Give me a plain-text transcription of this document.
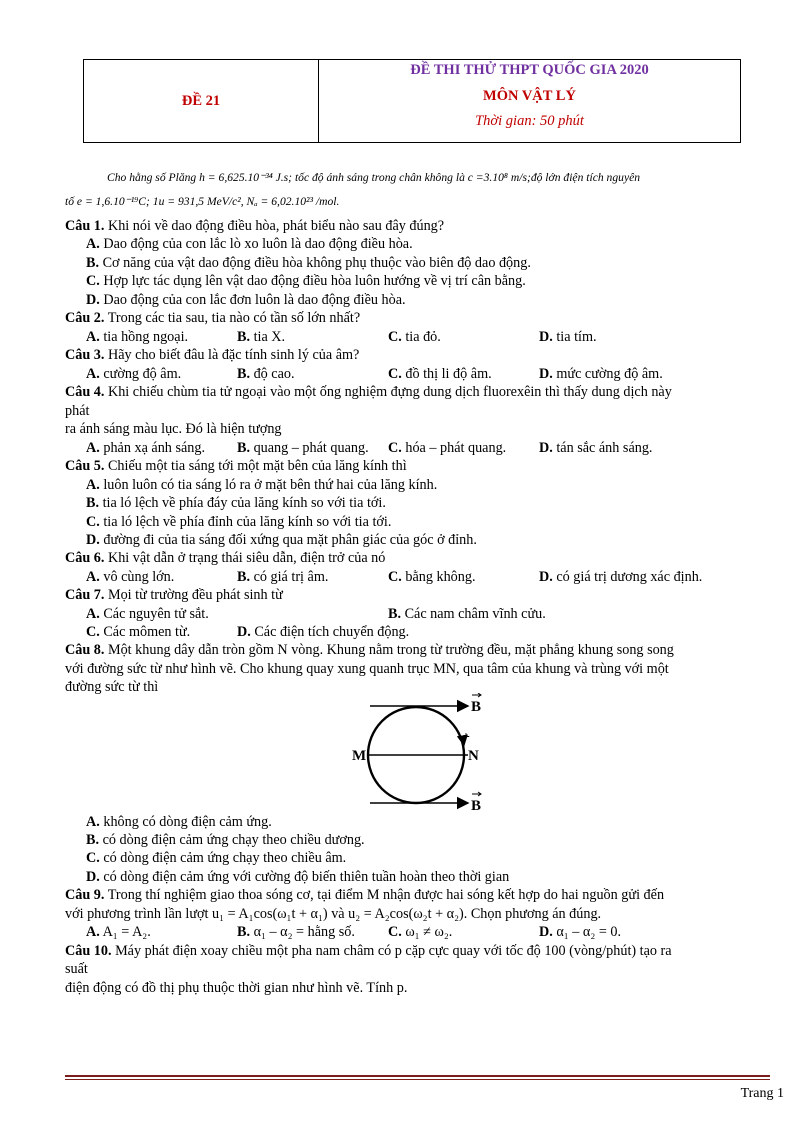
ĐỀ 21
ĐỀ THI THỬ THPT QUỐC GIA 2020
MÔN VẬT LÝ
Thời gian: 50 phút
Cho hằng số Plăng h = 6,625.10⁻³⁴ J.s; tốc độ ánh sáng trong chân không là c =3.10⁸ m/s;độ lớn điện tích nguyên
tố e = 1,6.10⁻¹⁹C; 1u = 931,5 MeV/c², Nₐ = 6,02.10²³ /mol.
Câu 1. Khi nói về dao động điều hòa, phát biểu nào sau đây đúng?
A. Dao động của con lắc lò xo luôn là dao động điều hòa.
B. Cơ năng của vật dao động điều hòa không phụ thuộc vào biên độ dao động.
C. Hợp lực tác dụng lên vật dao động điều hòa luôn hướng về vị trí cân bằng.
D. Dao động của con lắc đơn luôn là dao động điều hòa.
Câu 2. Trong các tia sau, tia nào có tần số lớn nhất?
A. tia hồng ngoại.	B. tia X.	C. tia đỏ.	D. tia tím.
Câu 3. Hãy cho biết đâu là đặc tính sinh lý của âm?
A. cường độ âm.	B. độ cao.	C. đồ thị li độ âm.	D. mức cường độ âm.
Câu 4. Khi chiếu chùm tia tử ngoại vào một ống nghiệm đựng dung dịch fluorexêin thì thấy dung dịch này
phát
ra ánh sáng màu lục. Đó là hiện tượng
A. phản xạ ánh sáng. B. quang – phát quang. C. hóa – phát quang. D. tán sắc ánh sáng.
Câu 5. Chiếu một tia sáng tới một mặt bên của lăng kính thì
A. luôn luôn có tia sáng ló ra ở mặt bên thứ hai của lăng kính.
B. tia ló lệch về phía đáy của lăng kính so với tia tới.
C. tia ló lệch về phía đỉnh của lăng kính so với tia tới.
D. đường đi của tia sáng đối xứng qua mặt phân giác của góc ở đỉnh.
Câu 6. Khi vật dẫn ở trạng thái siêu dẫn, điện trở của nó
A. vô cùng lớn.	B. có giá trị âm.	C. bằng không.	D. có giá trị dương xác định.
Câu 7. Mọi từ trường đều phát sinh từ
A. Các nguyên tử sắt.	B. Các nam châm vĩnh cửu.
C. Các mômen từ.	D. Các điện tích chuyển động.
Câu 8. Một khung dây dẫn tròn gồm N vòng. Khung nằm trong từ trường đều, mặt phẳng khung song song
với đường sức từ như hình vẽ. Cho khung quay xung quanh trục MN, qua tâm của khung và trùng với một
đường sức từ thì
B
B
M	N
+
A. không có dòng điện cảm ứng.
B. có dòng điện cảm ứng chạy theo chiều dương.
C. có dòng điện cảm ứng chạy theo chiều âm.
D. có dòng điện cảm ứng với cường độ biến thiên tuần hoàn theo thời gian
Câu 9. Trong thí nghiệm giao thoa sóng cơ, tại điểm M nhận được hai sóng kết hợp do hai nguồn gửi đến
với phương trình lần lượt u₁ = A₁cos(ω₁t + α₁) và u₂ = A₂cos(ω₂t + α₂). Chọn phương án đúng.
A. A₁ = A₂.	B. α₁ – α₂ = hằng số. C. ω₁ ≠ ω₂.	D. α₁ – α₂ = 0.
Câu 10. Máy phát điện xoay chiều một pha nam châm có p cặp cực quay với tốc độ 100 (vòng/phút) tạo ra
suất
điện động có đồ thị phụ thuộc thời gian như hình vẽ. Tính p.
Trang 1
